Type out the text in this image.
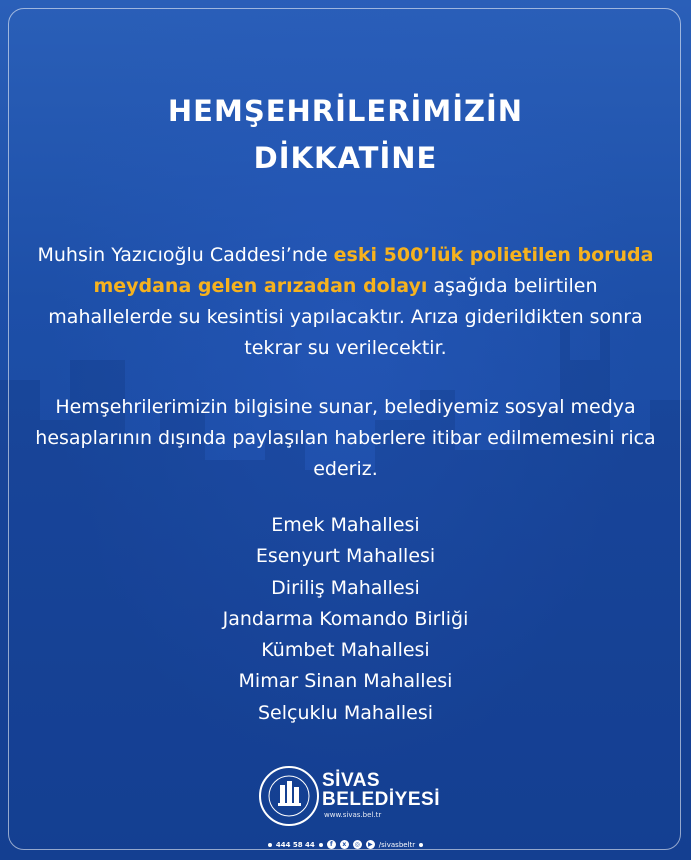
HEMŞEHRİLERİMİZİN
DİKKATİNE

Muhsin Yazıcıoğlu Caddesi’nde eski 500’lük polietilen boruda meydana gelen arızadan dolayı aşağıda belirtilen mahallelerde su kesintisi yapılacaktır. Arıza giderildikten sonra tekrar su verilecektir.

Hemşehrilerimizin bilgisine sunar, belediyemiz sosyal medya hesaplarının dışında paylaşılan haberlere itibar edilmemesini rica ederiz.

Emek Mahallesi
Esenyurt Mahallesi
Diriliş Mahallesi
Jandarma Komando Birliği
Kümbet Mahallesi
Mimar Sinan Mahallesi
Selçuklu Mahallesi
SİVAS
BELEDİYESİ
www.sivas.bel.tr
444 58 44	f	x	◎	▶ /sivasbeltr
